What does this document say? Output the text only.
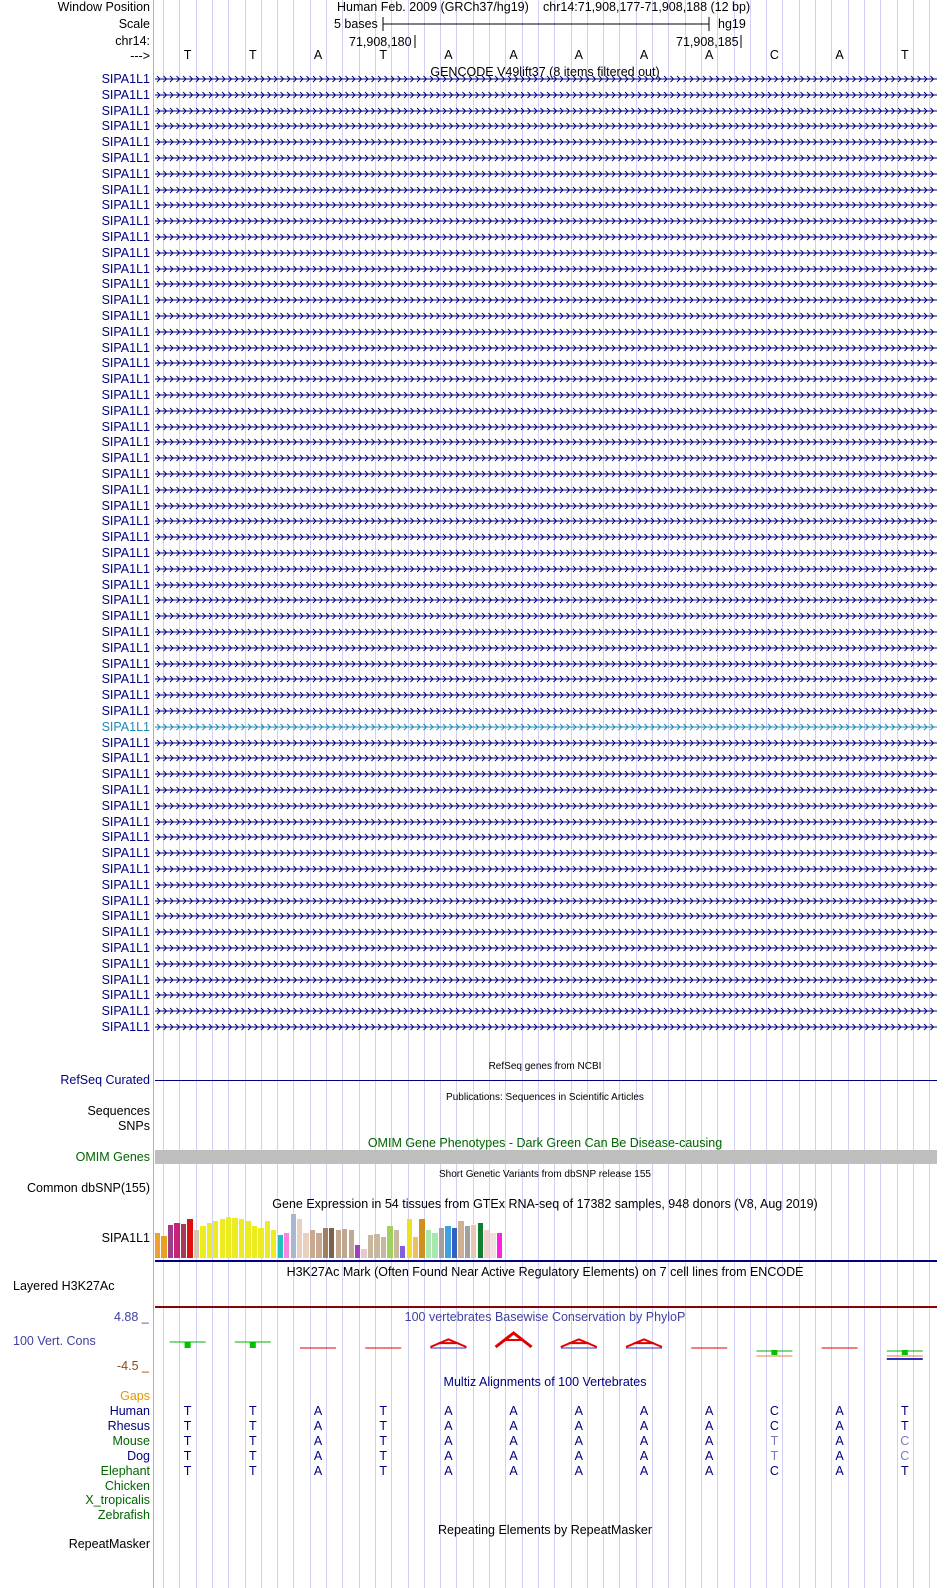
Window Position
Scale
chr14:
--->
Human Feb. 2009 (GRCh37/hg19) chr14:71,908,177-71,908,188 (12 bp)
5 bases	hg19
71,908,180	71,908,185
T	T	A	T	A	A	A	A	A	C	A	T
GENCODE V49lift37 (8 items filtered out)
SIPA1L1
SIPA1L1
SIPA1L1
SIPA1L1
SIPA1L1
SIPA1L1
SIPA1L1
SIPA1L1
SIPA1L1
SIPA1L1
SIPA1L1
SIPA1L1
SIPA1L1
SIPA1L1
SIPA1L1
SIPA1L1
SIPA1L1
SIPA1L1
SIPA1L1
SIPA1L1
SIPA1L1
SIPA1L1
SIPA1L1
SIPA1L1
SIPA1L1
SIPA1L1
SIPA1L1
SIPA1L1
SIPA1L1
SIPA1L1
SIPA1L1
SIPA1L1
SIPA1L1
SIPA1L1
SIPA1L1
SIPA1L1
SIPA1L1
SIPA1L1
SIPA1L1
SIPA1L1
SIPA1L1
SIPA1L1
SIPA1L1
SIPA1L1
SIPA1L1
SIPA1L1
SIPA1L1
SIPA1L1
SIPA1L1
SIPA1L1
SIPA1L1
SIPA1L1
SIPA1L1
SIPA1L1
SIPA1L1
SIPA1L1
SIPA1L1
SIPA1L1
SIPA1L1
SIPA1L1
SIPA1L1
RefSeq genes from NCBI
RefSeq Curated
Publications: Sequences in Scientific Articles
Sequences
SNPs
OMIM Gene Phenotypes - Dark Green Can Be Disease-causing
OMIM Genes
Short Genetic Variants from dbSNP release 155
Common dbSNP(155)
Gene Expression in 54 tissues from GTEx RNA-seq of 17382 samples, 948 donors (V8, Aug 2019)
SIPA1L1
H3K27Ac Mark (Often Found Near Active Regulatory Elements) on 7 cell lines from ENCODE
Layered H3K27Ac
100 vertebrates Basewise Conservation by PhyloP
4.88 _
100 Vert. Cons
-4.5 _
Multiz Alignments of 100 Vertebrates
Gaps
Human	T	T	A	T	A	A	A	A	A	C	A	T
Rhesus	T	T	A	T	A	A	A	A	A	C	A	T
Mouse	T	T	A	T	A	A	A	A	A	T	A	C
Dog	T	T	A	T	A	A	A	A	A	T	A	C
Elephant	T	T	A	T	A	A	A	A	A	C	A	T
Chicken
X_tropicalis
Zebrafish
Repeating Elements by RepeatMasker
RepeatMasker
